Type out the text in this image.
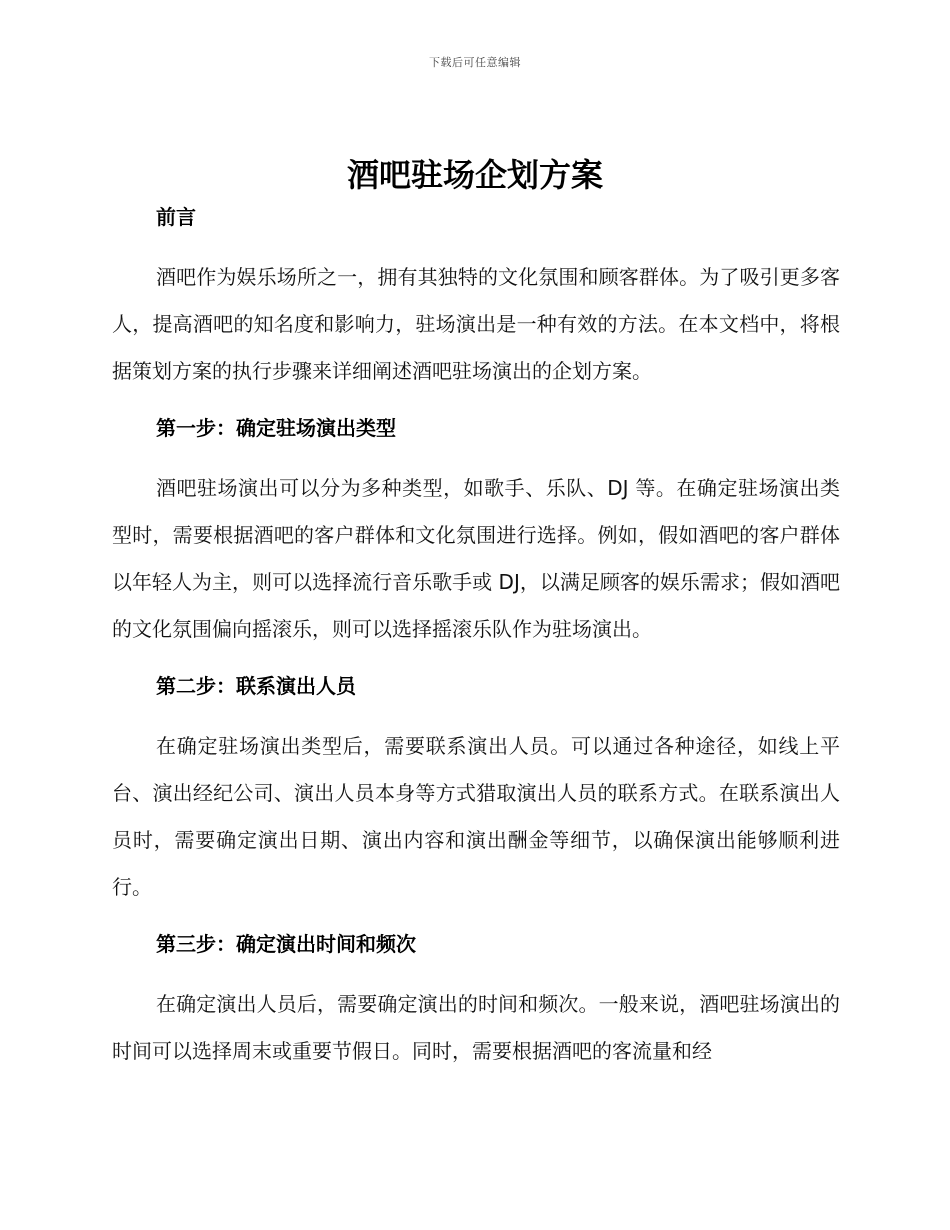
下载后可任意编辑
酒吧驻场企划方案

前言

酒吧作为娱乐场所之一，拥有其独特的文化氛围和顾客群体。为了吸引更多客人，提高酒吧的知名度和影响力，驻场演出是一种有效的方法。在本文档中，将根据策划方案的执行步骤来详细阐述酒吧驻场演出的企划方案。

第一步：确定驻场演出类型

酒吧驻场演出可以分为多种类型，如歌手、乐队、DJ 等。在确定驻场演出类型时，需要根据酒吧的客户群体和文化氛围进行选择。例如，假如酒吧的客户群体以年轻人为主，则可以选择流行音乐歌手或 DJ，以满足顾客的娱乐需求；假如酒吧的文化氛围偏向摇滚乐，则可以选择摇滚乐队作为驻场演出。

第二步：联系演出人员

在确定驻场演出类型后，需要联系演出人员。可以通过各种途径，如线上平台、演出经纪公司、演出人员本身等方式猎取演出人员的联系方式。在联系演出人员时，需要确定演出日期、演出内容和演出酬金等细节，以确保演出能够顺利进行。

第三步：确定演出时间和频次

在确定演出人员后，需要确定演出的时间和频次。一般来说，酒吧驻场演出的时间可以选择周末或重要节假日。同时，需要根据酒吧的客流量和经
